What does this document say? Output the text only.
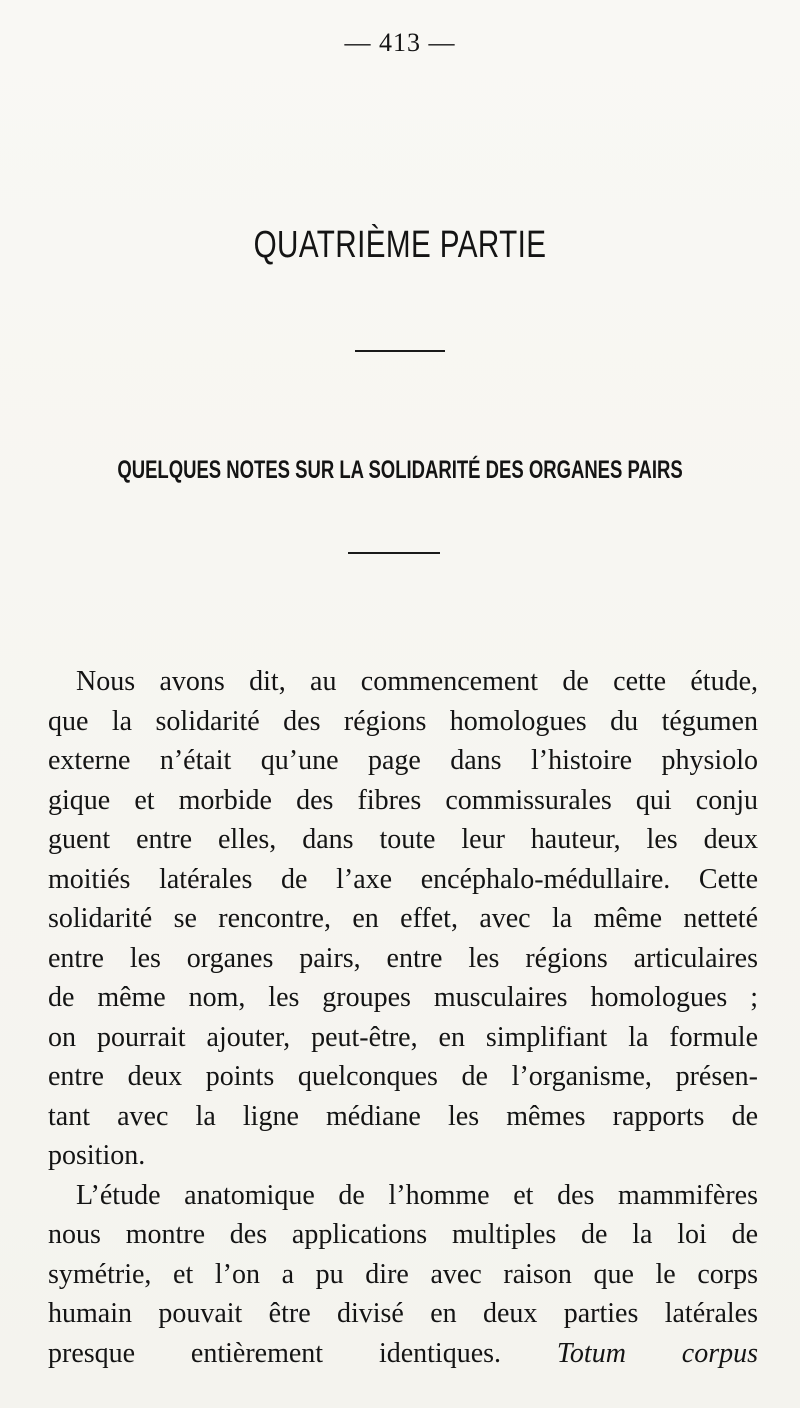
— 413 —
QUATRIÈME PARTIE
QUELQUES NOTES SUR LA SOLIDARITÉ DES ORGANES PAIRS
Nous avons dit, au commencement de cette étude,
que la solidarité des régions homologues du tégumen
externe n’était qu’une page dans l’histoire physiolo
gique et morbide des fibres commissurales qui conju
guent entre elles, dans toute leur hauteur, les deux
moitiés latérales de l’axe encéphalo-médullaire. Cette
solidarité se rencontre, en effet, avec la même netteté
entre les organes pairs, entre les régions articulaires
de même nom, les groupes musculaires homologues ;
on pourrait ajouter, peut-être, en simplifiant la formule
entre deux points quelconques de l’organisme, présen-
tant avec la ligne médiane les mêmes rapports de
position.
L’étude anatomique de l’homme et des mammifères
nous montre des applications multiples de la loi de
symétrie, et l’on a pu dire avec raison que le corps
humain pouvait être divisé en deux parties latérales
presque entièrement identiques. Totum corpus
